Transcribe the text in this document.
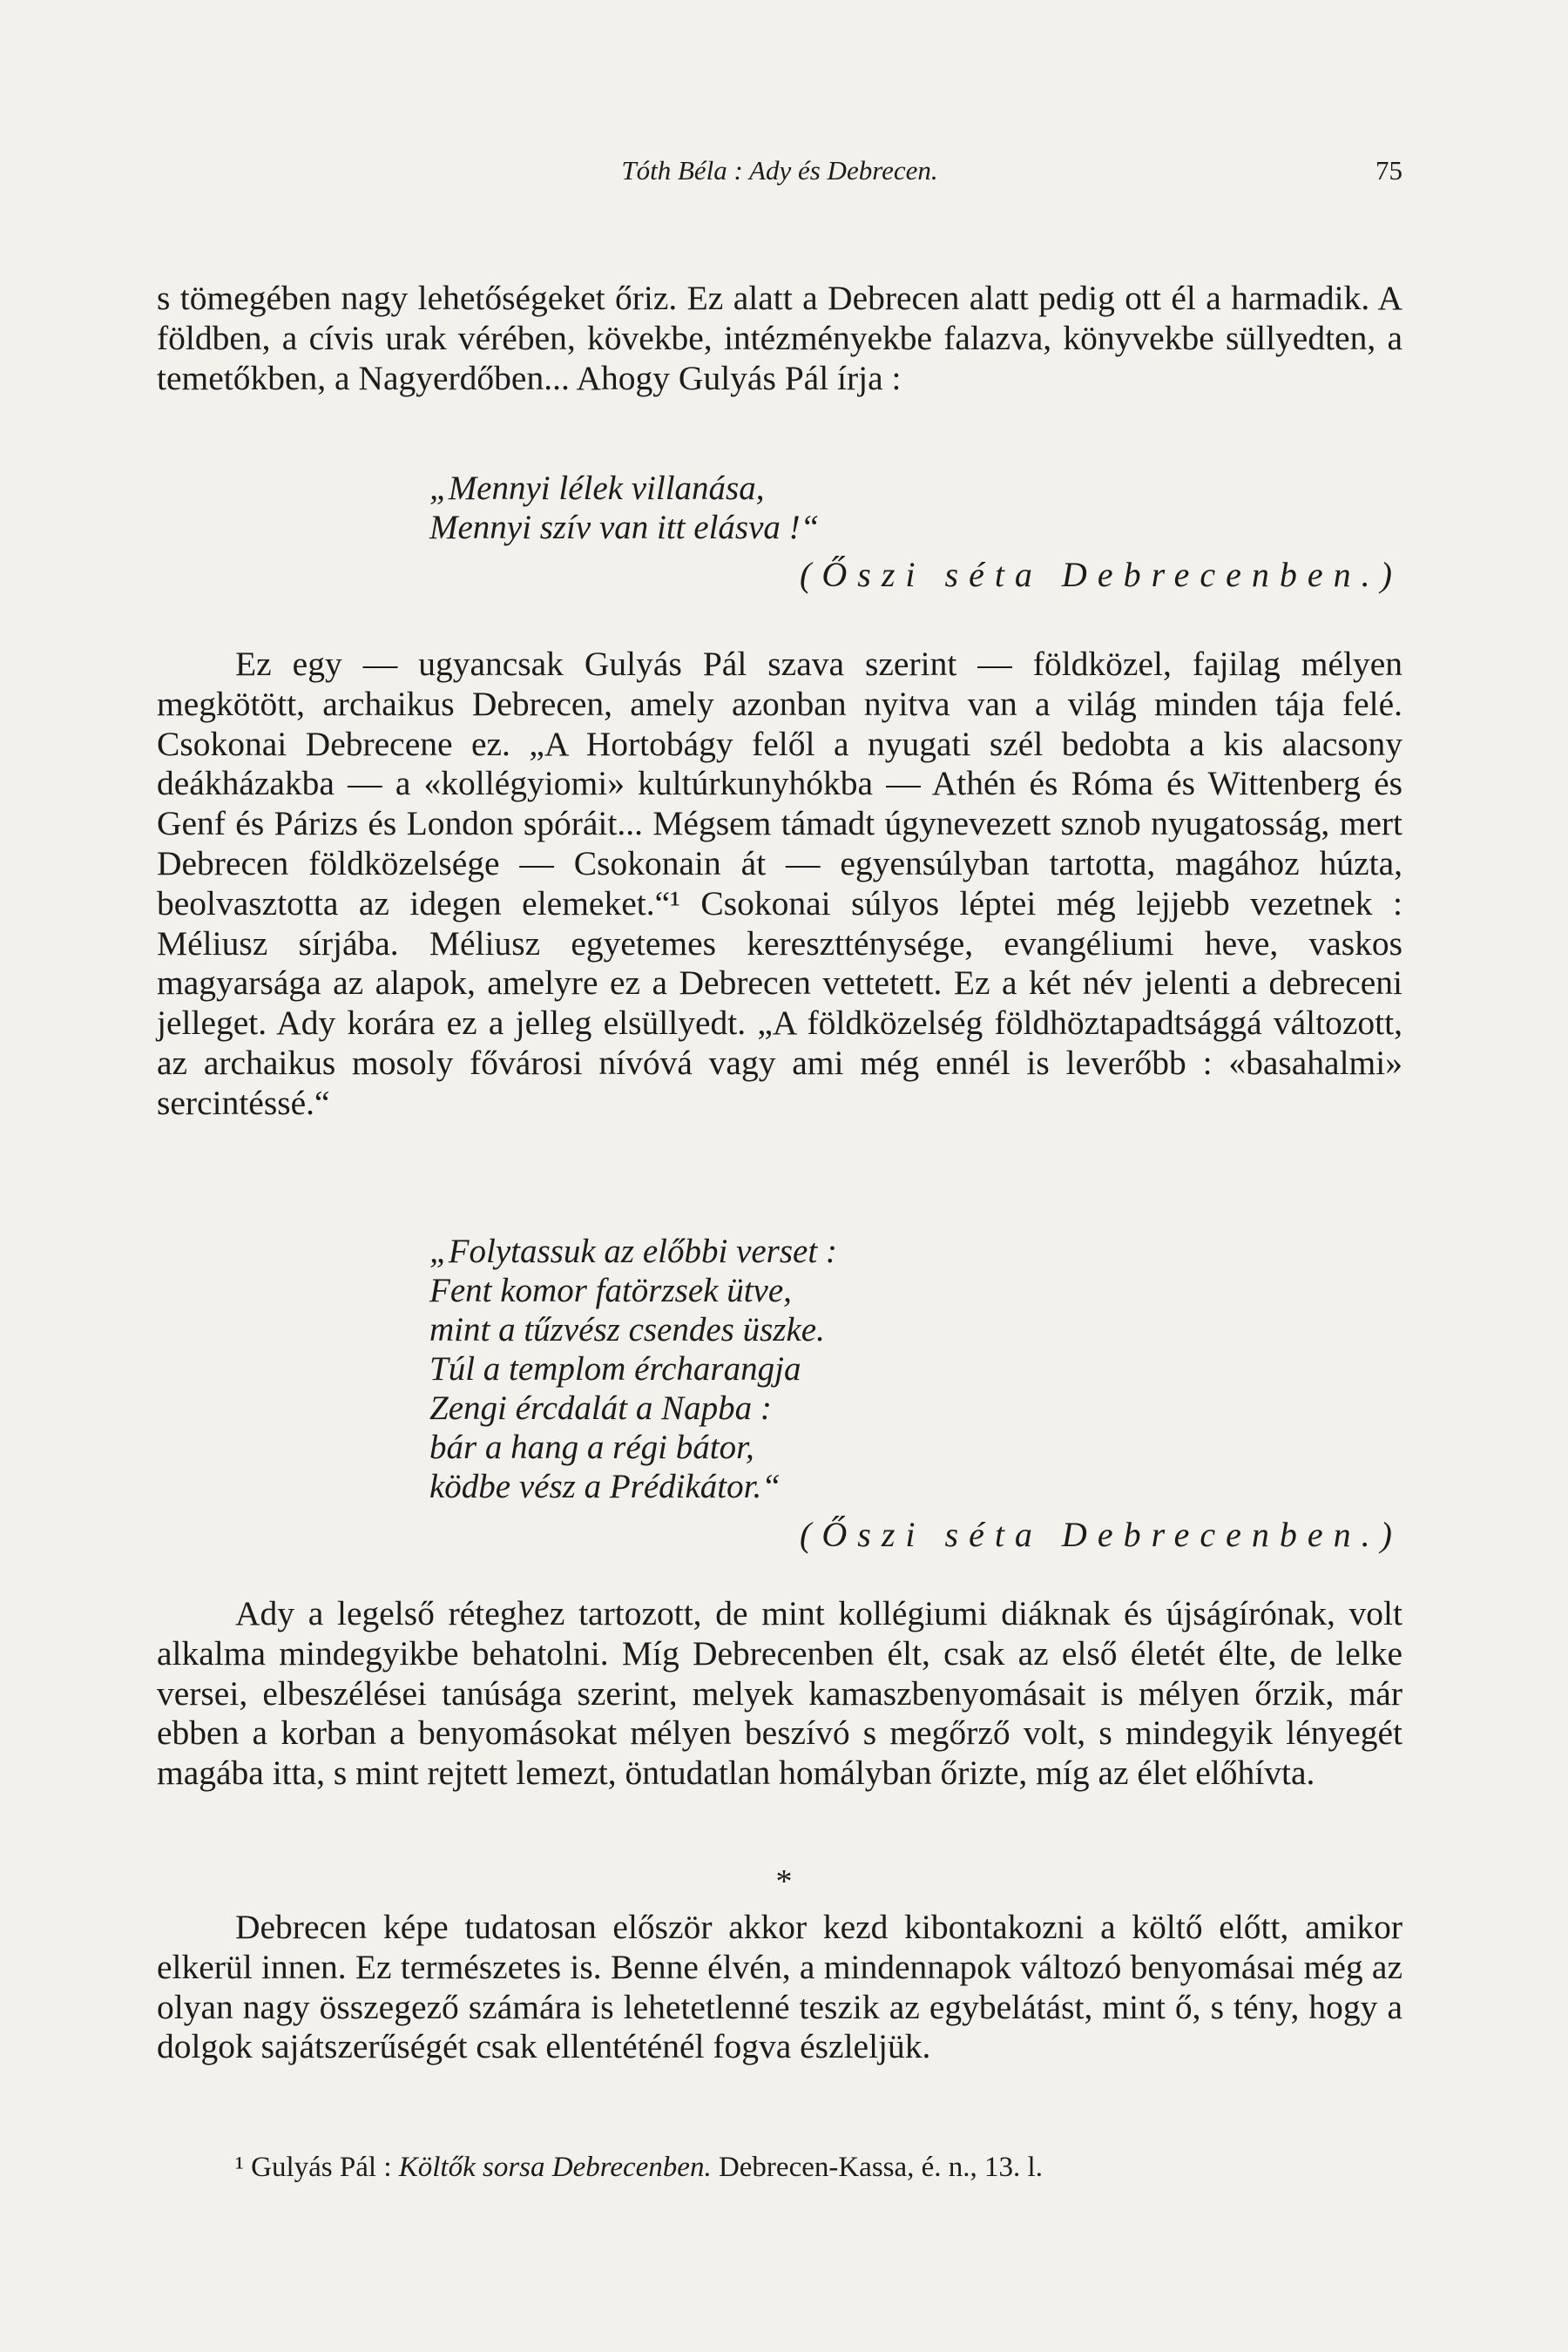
Tóth Béla : Ady és Debrecen.	75

s tömegében nagy lehetőségeket őriz. Ez alatt a Debrecen alatt pedig ott él a harmadik. A földben, a cívis urak vérében, kövekbe, intézményekbe falazva, könyvekbe süllyedten, a temetőkben, a Nagyerdőben... Ahogy Gulyás Pál írja :

„Mennyi lélek villanása,
Mennyi szív van itt elásva !“
(Őszi séta Debrecenben.)

Ez egy — ugyancsak Gulyás Pál szava szerint — földközel, fajilag mélyen megkötött, archaikus Debrecen, amely azonban nyitva van a világ minden tája felé. Csokonai Debrecene ez. „A Hortobágy felől a nyugati szél bedobta a kis alacsony deákházakba — a «kollégyiomi» kultúrkunyhókba — Athén és Róma és Wittenberg és Genf és Párizs és London spóráit... Mégsem támadt úgynevezett sznob nyugatosság, mert Debrecen földközelsége — Csokonain át — egyensúlyban tartotta, magához húzta, beolvasztotta az idegen elemeket.“¹ Csokonai súlyos léptei még lejjebb vezetnek : Méliusz sírjába. Méliusz egyetemes keresztténysége, evangéliumi heve, vaskos magyarsága az alapok, amelyre ez a Debrecen vettetett. Ez a két név jelenti a debreceni jelleget. Ady korára ez a jelleg elsüllyedt. „A földközelség földhöztapadtsággá változott, az archaikus mosoly fővárosi nívóvá vagy ami még ennél is leverőbb : «basahalmi» sercintéssé.“

„Folytassuk az előbbi verset :
Fent komor fatörzsek ütve,
mint a tűzvész csendes üszke.
Túl a templom ércharangja
Zengi ércdalát a Napba :
bár a hang a régi bátor,
ködbe vész a Prédikátor.“
(Őszi séta Debrecenben.)

Ady a legelső réteghez tartozott, de mint kollégiumi diáknak és újságírónak, volt alkalma mindegyikbe behatolni. Míg Debrecenben élt, csak az első életét élte, de lelke versei, elbeszélései tanúsága szerint, melyek kamaszbenyomásait is mélyen őrzik, már ebben a korban a benyomásokat mélyen beszívó s megőrző volt, s mindegyik lényegét magába itta, s mint rejtett lemezt, öntudatlan homályban őrizte, míg az élet előhívta.

*

Debrecen képe tudatosan először akkor kezd kibontakozni a költő előtt, amikor elkerül innen. Ez természetes is. Benne élvén, a mindennapok változó benyomásai még az olyan nagy összegező számára is lehetetlenné teszik az egybelátást, mint ő, s tény, hogy a dolgok sajátszerűségét csak ellentéténél fogva észleljük.

¹ Gulyás Pál : Költők sorsa Debrecenben. Debrecen-Kassa, é. n., 13. l.
